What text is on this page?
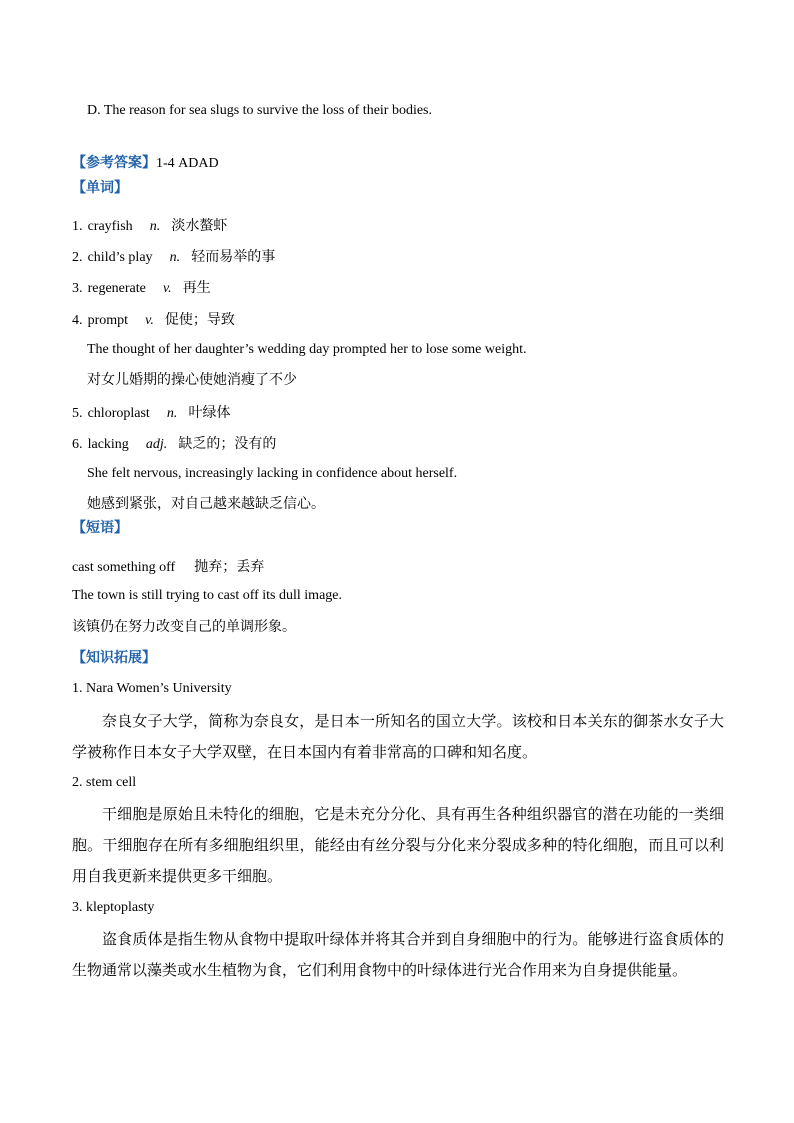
D. The reason for sea slugs to survive the loss of their bodies.
【参考答案】1-4 ADAD
【单词】
1. crayfish n. 淡水螯虾
2. child’s play n. 轻而易举的事
3. regenerate v. 再生
4. prompt v. 促使；导致
The thought of her daughter’s wedding day prompted her to lose some weight.
对女儿婚期的操心使她消瘦了不少
5. chloroplast n. 叶绿体
6. lacking adj. 缺乏的；没有的
She felt nervous, increasingly lacking in confidence about herself.
她感到紧张，对自己越来越缺乏信心。
【短语】
cast something off 抛弃；丢弃
The town is still trying to cast off its dull image.
该镇仍在努力改变自己的单调形象。
【知识拓展】
1. Nara Women’s University
奈良女子大学，简称为奈良女，是日本一所知名的国立大学。该校和日本关东的御茶水女子大学被称作日本女子大学双壁，在日本国内有着非常高的口碑和知名度。
2. stem cell
干细胞是原始且未特化的细胞，它是未充分分化、具有再生各种组织器官的潜在功能的一类细胞。干细胞存在所有多细胞组织里，能经由有丝分裂与分化来分裂成多种的特化细胞，而且可以利用自我更新来提供更多干细胞。
3. kleptoplasty
盗食质体是指生物从食物中提取叶绿体并将其合并到自身细胞中的行为。能够进行盗食质体的生物通常以藻类或水生植物为食，它们利用食物中的叶绿体进行光合作用来为自身提供能量。
